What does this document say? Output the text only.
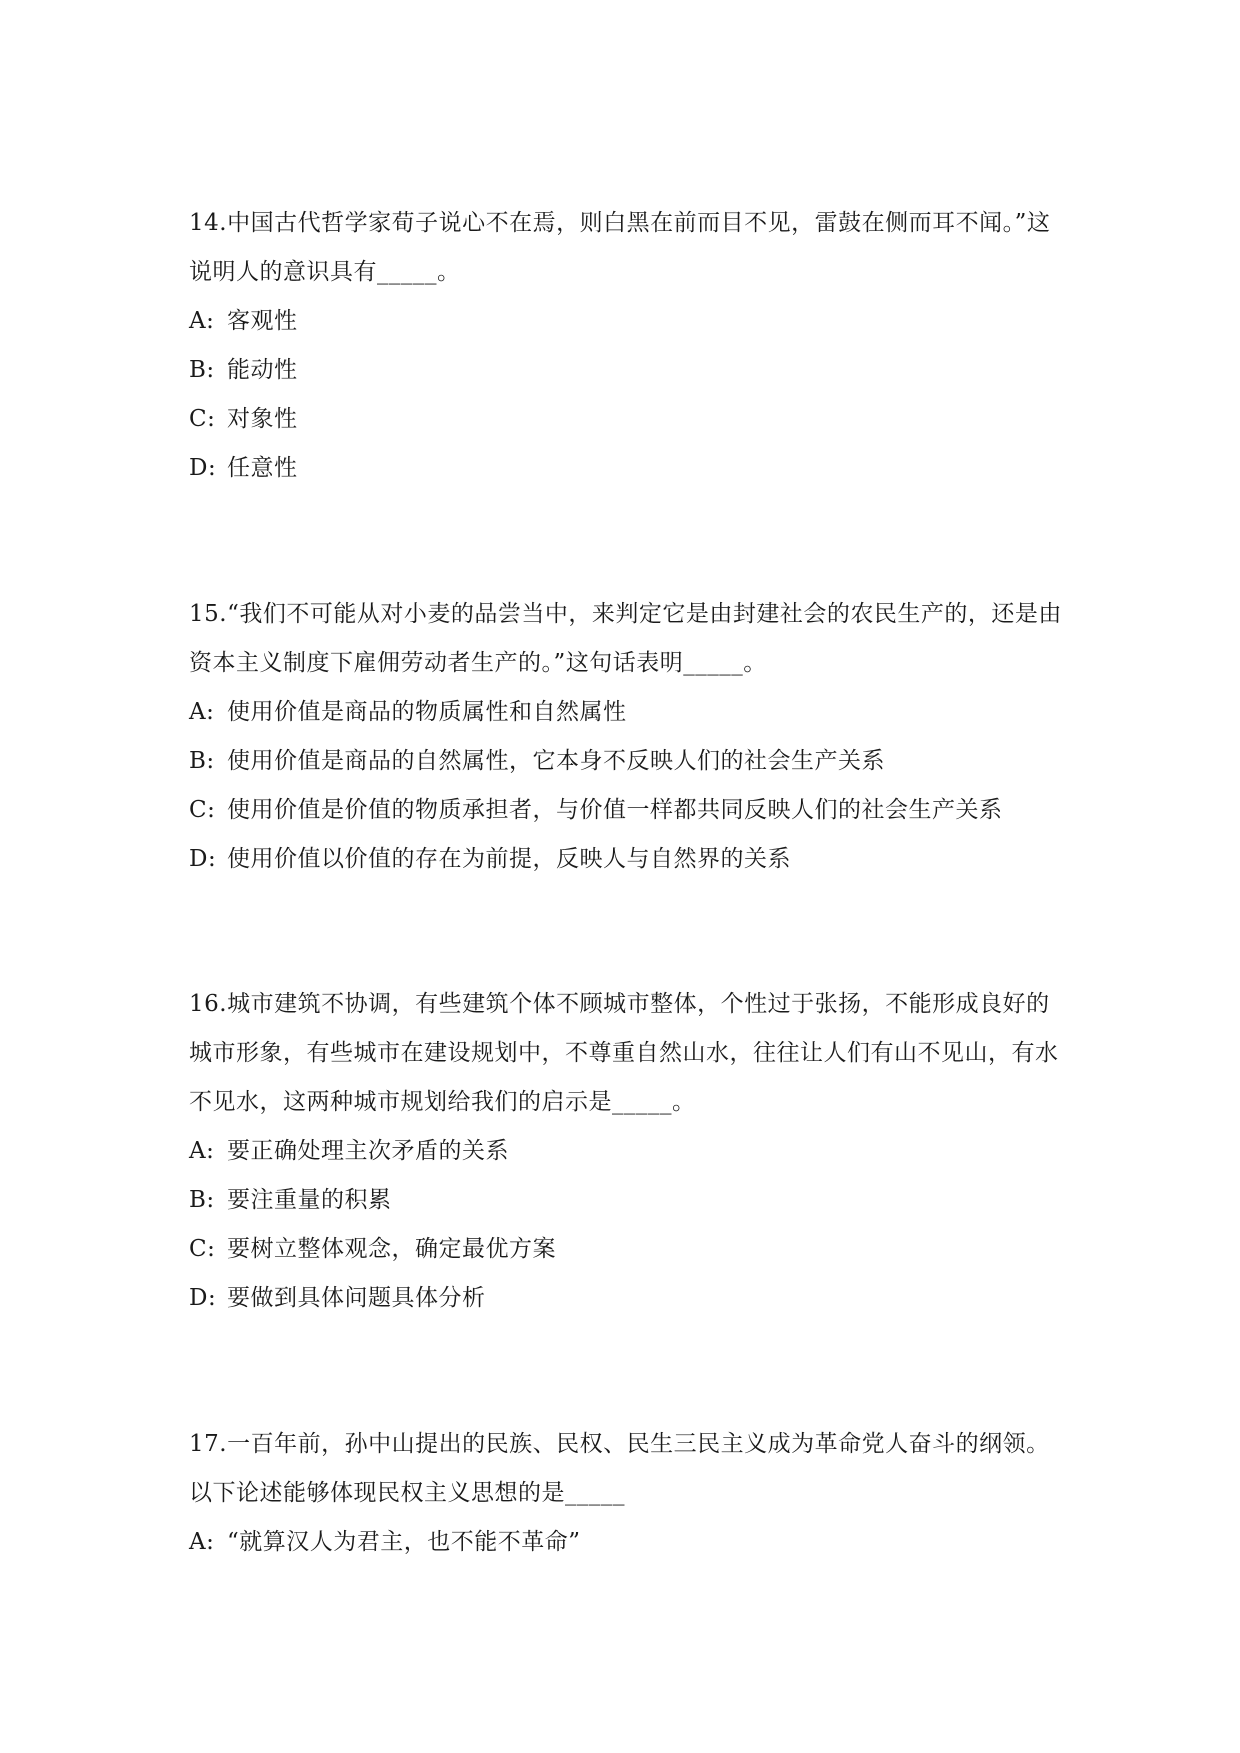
14.中国古代哲学家荀子说心不在焉，则白黑在前而目不见，雷鼓在侧而耳不闻。”这说明人的意识具有_____。

A: 客观性

B: 能动性

C: 对象性

D: 任意性

15.“我们不可能从对小麦的品尝当中，来判定它是由封建社会的农民生产的，还是由资本主义制度下雇佣劳动者生产的。”这句话表明_____。

A: 使用价值是商品的物质属性和自然属性

B: 使用价值是商品的自然属性，它本身不反映人们的社会生产关系

C: 使用价值是价值的物质承担者，与价值一样都共同反映人们的社会生产关系

D: 使用价值以价值的存在为前提，反映人与自然界的关系

16.城市建筑不协调，有些建筑个体不顾城市整体，个性过于张扬，不能形成良好的城市形象，有些城市在建设规划中，不尊重自然山水，往往让人们有山不见山，有水不见水，这两种城市规划给我们的启示是_____。

A: 要正确处理主次矛盾的关系

B: 要注重量的积累

C: 要树立整体观念，确定最优方案

D: 要做到具体问题具体分析

17.一百年前，孙中山提出的民族、民权、民生三民主义成为革命党人奋斗的纲领。以下论述能够体现民权主义思想的是_____

A: “就算汉人为君主，也不能不革命”
